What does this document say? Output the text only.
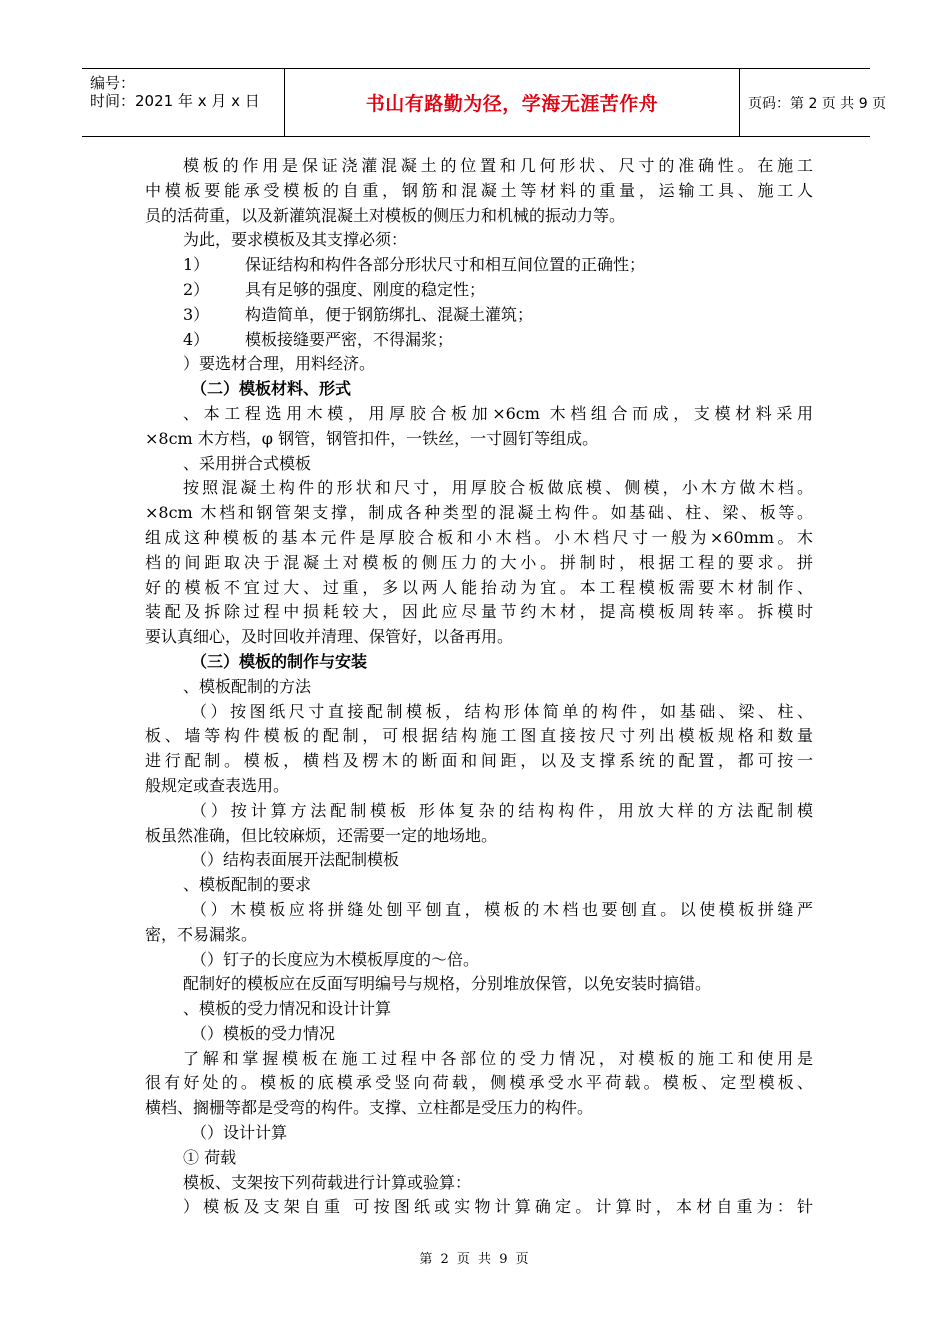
编号：
时间：2021 年 x 月 x 日	书山有路勤为径，学海无涯苦作舟	页码：第 2 页 共 9 页
模板的作用是保证浇灌混凝土的位置和几何形状、尺寸的准确性。在施工
中模板要能承受模板的自重，钢筋和混凝土等材料的重量，运输工具、施工人
员的活荷重，以及新灌筑混凝土对模板的侧压力和机械的振动力等。
为此，要求模板及其支撑必须：
1） 保证结构和构件各部分形状尺寸和相互间位置的正确性；
2） 具有足够的强度、刚度的稳定性；
3） 构造简单，便于钢筋绑扎、混凝土灌筑；
4） 模板接缝要严密，不得漏浆；
）要选材合理，用料经济。
（二）模板材料、形式
、本工程选用木模，用厚胶合板加×6cm 木档组合而成，支模材料采用
×8cm 木方档，φ 钢管，钢管扣件，一铁丝，一寸圆钉等组成。
、采用拼合式模板
按照混凝土构件的形状和尺寸，用厚胶合板做底模、侧模，小木方做木档。
×8cm 木档和钢管架支撑，制成各种类型的混凝土构件。如基础、柱、梁、板等。
组成这种模板的基本元件是厚胶合板和小木档。小木档尺寸一般为×60mm。木
档的间距取决于混凝土对模板的侧压力的大小。拼制时，根据工程的要求。拼
好的模板不宜过大、过重，多以两人能抬动为宜。本工程模板需要木材制作、
装配及拆除过程中损耗较大，因此应尽量节约木材，提高模板周转率。拆模时
要认真细心，及时回收并清理、保管好，以备再用。
（三）模板的制作与安装
、模板配制的方法
（）按图纸尺寸直接配制模板，结构形体简单的构件，如基础、梁、柱、
板、墙等构件模板的配制，可根据结构施工图直接按尺寸列出模板规格和数量
进行配制。模板，横档及楞木的断面和间距，以及支撑系统的配置，都可按一
般规定或查表选用。
（）按计算方法配制模板 形体复杂的结构构件，用放大样的方法配制模
板虽然准确，但比较麻烦，还需要一定的地场地。
（）结构表面展开法配制模板
、模板配制的要求
（）木模板应将拼缝处刨平刨直，模板的木档也要刨直。以使模板拼缝严
密，不易漏浆。
（）钉子的长度应为木模板厚度的～倍。
配制好的模板应在反面写明编号与规格，分别堆放保管，以免安装时搞错。
、模板的受力情况和设计计算
（）模板的受力情况
了解和掌握模板在施工过程中各部位的受力情况，对模板的施工和使用是
很有好处的。模板的底模承受竖向荷载，侧模承受水平荷载。模板、定型模板、
横档、搁栅等都是受弯的构件。支撑、立柱都是受压力的构件。
（）设计计算
① 荷载
模板、支架按下列荷载进行计算或验算：
）模板及支架自重 可按图纸或实物计算确定。计算时，本材自重为：针
第 2 页 共 9 页
